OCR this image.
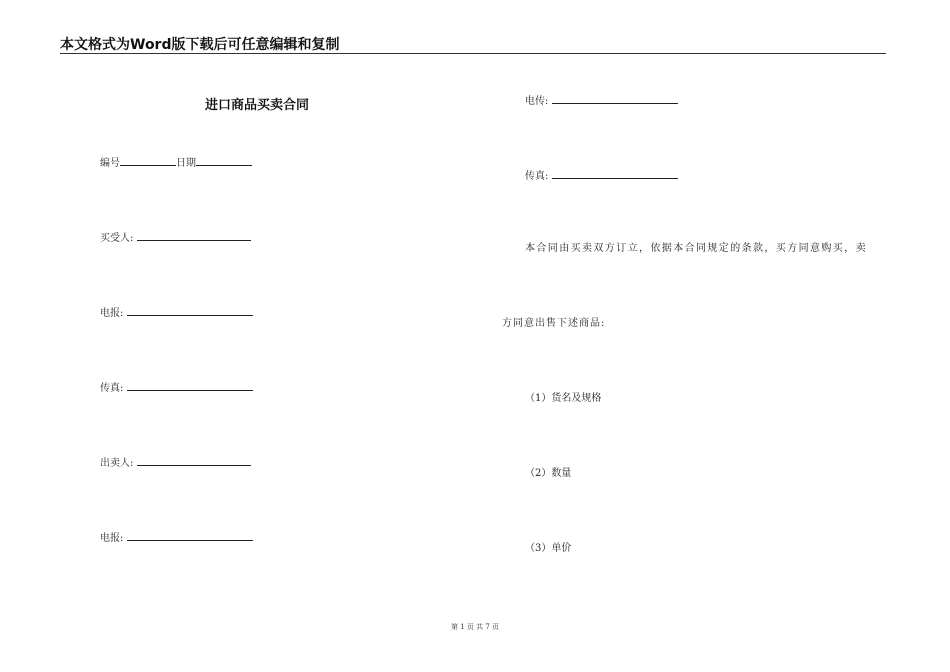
本文格式为Word版下载后可任意编辑和复制
进口商品买卖合同
编号	日期
买受人:
电报:
传真:
出卖人:
电报:
电传:
传真:
本合同由买卖双方订立，依据本合同规定的条款，买方同意购买，卖
方同意出售下述商品:
（1）货名及规格
（2）数量
（3）单价
第 1 页 共 7 页
